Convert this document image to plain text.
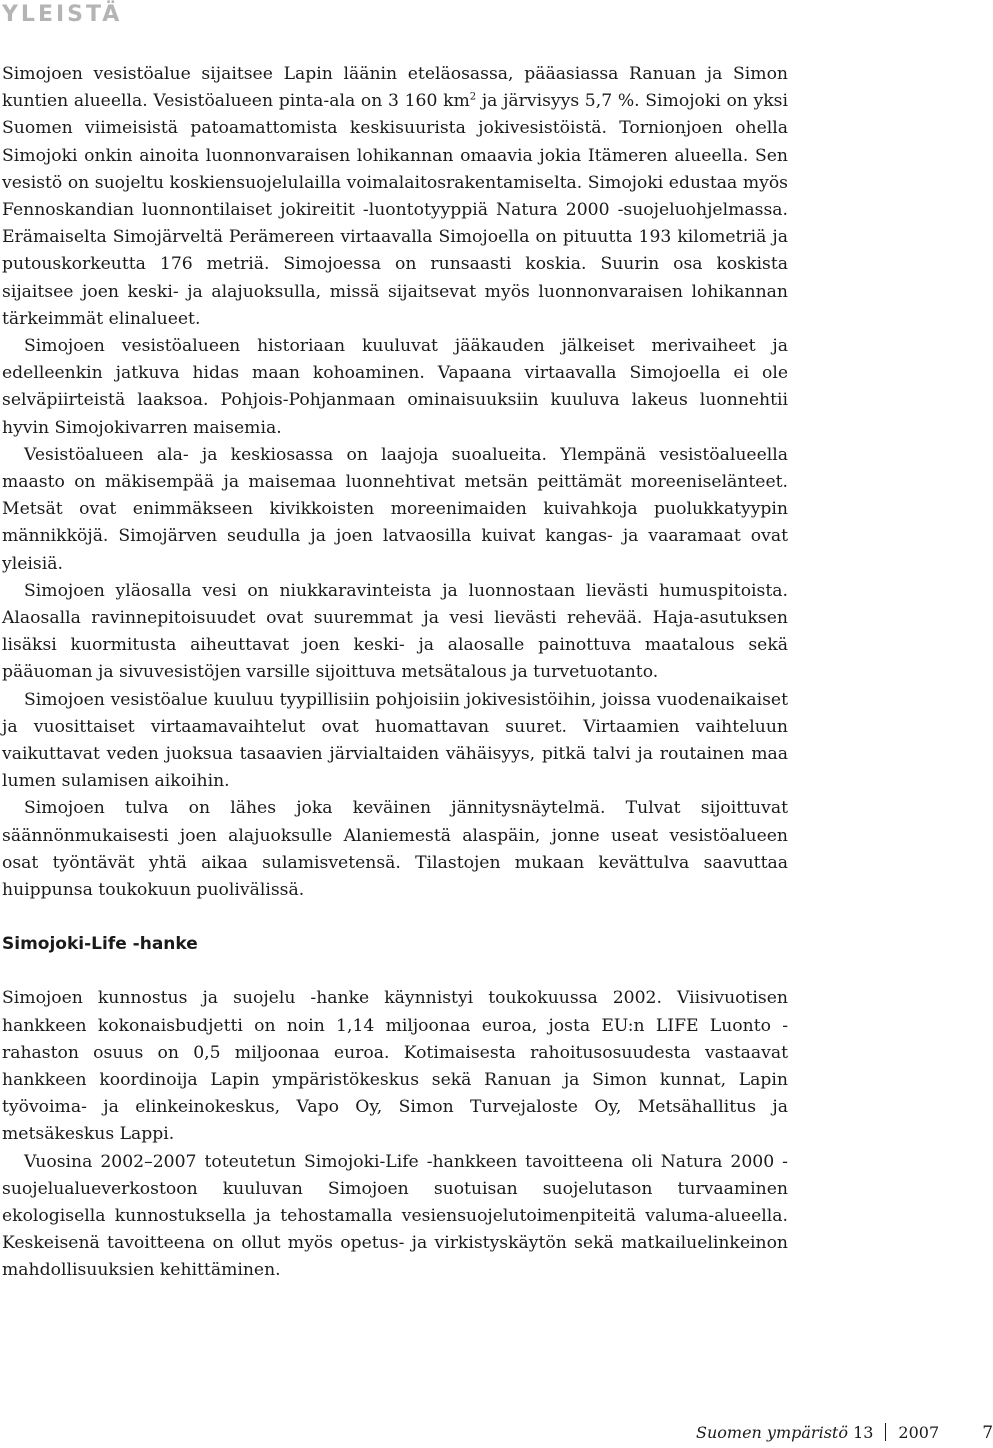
YLEISTÄ

Simojoen vesistöalue sijaitsee Lapin läänin eteläosassa, pääasiassa Ranuan ja Simon kuntien alueella. Vesistöalueen pinta-ala on 3 160 $km^2$ ja järvisyys 5,7 %. Simojoki on yksi Suomen viimeisistä patoamattomista keskisuurista jokivesistöistä. Tornionjoen ohella Simojoki onkin ainoita luonnonvaraisen lohikannan omaavia jokia Itämeren alueella. Sen vesistö on suojeltu koskiensuojelulailla voimalaitosrakentamiselta. Simojoki edustaa myös Fennoskandian luonnontilaiset jokireitit -luontotyyppiä Natura 2000 -suojeluohjelmassa. Erämaiselta Simojärveltä Perämereen virtaavalla Simojoella on pituutta 193 kilometriä ja putouskorkeutta 176 metriä. Simojoessa on runsaasti koskia. Suurin osa koskista sijaitsee joen keski- ja alajuoksulla, missä sijaitsevat myös luonnonvaraisen lohikannan tärkeimmät elinalueet.

Simojoen vesistöalueen historiaan kuuluvat jääkauden jälkeiset merivaiheet ja edelleenkin jatkuva hidas maan kohoaminen. Vapaana virtaavalla Simojoella ei ole selväpiirteistä laaksoa. Pohjois-Pohjanmaan ominaisuuksiin kuuluva lakeus luonnehtii hyvin Simojokivarren maisemia.

Vesistöalueen ala- ja keskiosassa on laajoja suoalueita. Ylempänä vesistöalueella maasto on mäkisempää ja maisemaa luonnehtivat metsän peittämät moreeniselänteet. Metsät ovat enimmäkseen kivikkoisten moreenimaiden kuivahkoja puolukkatyypin männikköjä. Simojärven seudulla ja joen latvaosilla kuivat kangas- ja vaaramaat ovat yleisiä.

Simojoen yläosalla vesi on niukkaravinteista ja luonnostaan lievästi humuspitoista. Alaosalla ravinnepitoisuudet ovat suuremmat ja vesi lievästi rehevää. Haja-asutuksen lisäksi kuormitusta aiheuttavat joen keski- ja alaosalle painottuva maatalous sekä pääuoman ja sivuvesistöjen varsille sijoittuva metsätalous ja turvetuotanto.

Simojoen vesistöalue kuuluu tyypillisiin pohjoisiin jokivesistöihin, joissa vuodenaikaiset ja vuosittaiset virtaamavaihtelut ovat huomattavan suuret. Virtaamien vaihteluun vaikuttavat veden juoksua tasaavien järvialtaiden vähäisyys, pitkä talvi ja routainen maa lumen sulamisen aikoihin.

Simojoen tulva on lähes joka keväinen jännitysnäytelmä. Tulvat sijoittuvat säännönmukaisesti joen alajuoksulle Alaniemestä alaspäin, jonne useat vesistöalueen osat työntävät yhtä aikaa sulamisvetensä. Tilastojen mukaan kevättulva saavuttaa huippunsa toukokuun puolivälissä.

Simojoki-Life -hanke

Simojoen kunnostus ja suojelu -hanke käynnistyi toukokuussa 2002. Viisivuotisen hankkeen kokonaisbudjetti on noin 1,14 miljoonaa euroa, josta EU:n LIFE Luonto -rahaston osuus on 0,5 miljoonaa euroa. Kotimaisesta rahoitusosuudesta vastaavat hankkeen koordinoija Lapin ympäristökeskus sekä Ranuan ja Simon kunnat, Lapin työvoima- ja elinkeinokeskus, Vapo Oy, Simon Turvejaloste Oy, Metsähallitus ja metsäkeskus Lappi.

Vuosina 2002–2007 toteutetun Simojoki-Life -hankkeen tavoitteena oli Natura 2000 -suojelualueverkostoon kuuluvan Simojoen suotuisan suojelutason turvaaminen ekologisella kunnostuksella ja tehostamalla vesiensuojelutoimenpiteitä valuma-alueella. Keskeisenä tavoitteena on ollut myös opetus- ja virkistyskäytön sekä matkailuelinkeinon mahdollisuuksien kehittäminen.

Suomen ympäristö 13 2007	7
